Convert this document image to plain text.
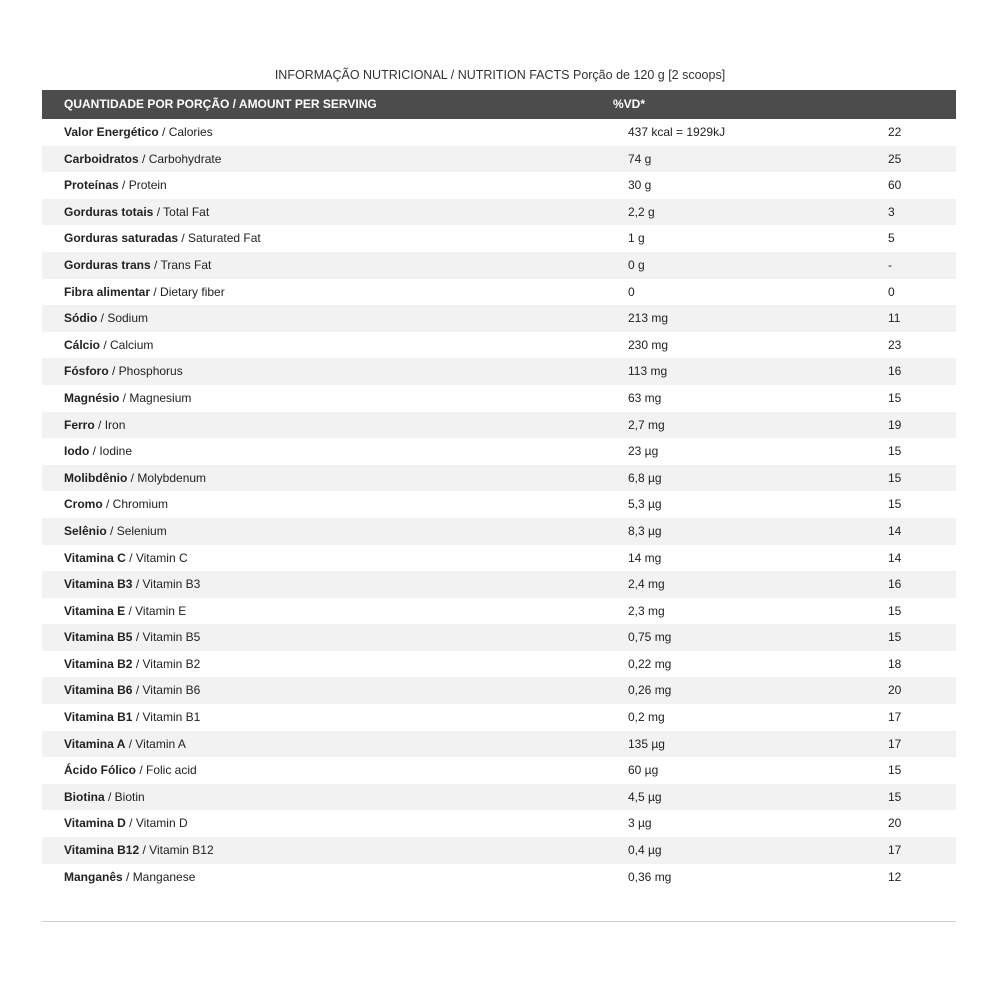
INFORMAÇÃO NUTRICIONAL / NUTRITION FACTS Porção de 120 g [2 scoops]
QUANTIDADE POR PORÇÃO / AMOUNT PER SERVING	%VD*
Valor Energético / Calories	437 kcal = 1929kJ	22
Carboidratos / Carbohydrate	74 g	25
Proteínas / Protein	30 g	60
Gorduras totais / Total Fat	2,2 g	3
Gorduras saturadas / Saturated Fat	1 g	5
Gorduras trans / Trans Fat	0 g	-
Fibra alimentar / Dietary fiber	0	0
Sódio / Sodium	213 mg	11
Cálcio / Calcium	230 mg	23
Fósforo / Phosphorus	113 mg	16
Magnésio / Magnesium	63 mg	15
Ferro / Iron	2,7 mg	19
Iodo / Iodine	23 µg	15
Molibdênio / Molybdenum	6,8 µg	15
Cromo / Chromium	5,3 µg	15
Selênio / Selenium	8,3 µg	14
Vitamina C / Vitamin C	14 mg	14
Vitamina B3 / Vitamin B3	2,4 mg	16
Vitamina E / Vitamin E	2,3 mg	15
Vitamina B5 / Vitamin B5	0,75 mg	15
Vitamina B2 / Vitamin B2	0,22 mg	18
Vitamina B6 / Vitamin B6	0,26 mg	20
Vitamina B1 / Vitamin B1	0,2 mg	17
Vitamina A / Vitamin A	135 µg	17
Ácido Fólico / Folic acid	60 µg	15
Biotina / Biotin	4,5 µg	15
Vitamina D / Vitamin D	3 µg	20
Vitamina B12 / Vitamin B12	0,4 µg	17
Manganês / Manganese	0,36 mg	12
